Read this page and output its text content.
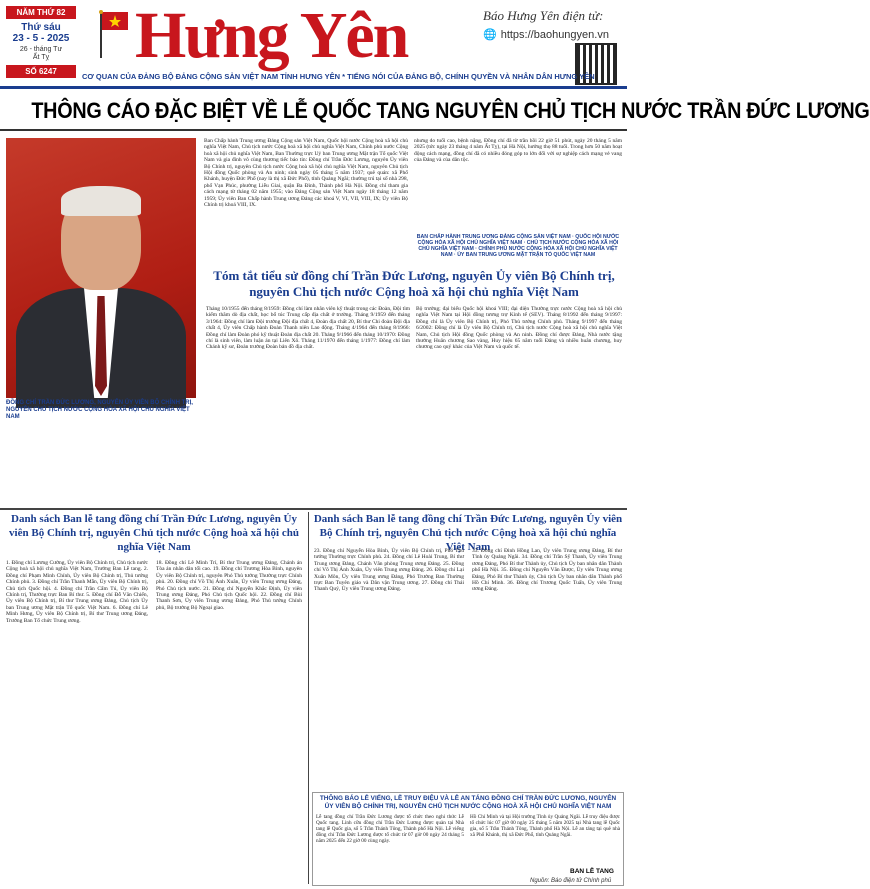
NĂM THỨ 82
Thứ sáu
23 - 5 - 2025
26 - tháng Tư
Ất Tỵ
SỐ 6247 Hưng Yên	Báo Hưng Yên điện tử:
🌐 https://baohungyen.vn
CƠ QUAN CỦA ĐẢNG BỘ ĐẢNG CỘNG SẢN VIỆT NAM TỈNH HƯNG YÊN * TIẾNG NÓI CỦA ĐẢNG BỘ, CHÍNH QUYỀN VÀ NHÂN DÂN HƯNG YÊN
THÔNG CÁO ĐẶC BIỆT VỀ LỄ QUỐC TANG NGUYÊN CHỦ TỊCH NƯỚC TRẦN ĐỨC LƯƠNG
ĐỒNG CHÍ TRẦN ĐỨC LƯƠNG, NGUYÊN ỦY VIÊN BỘ CHÍNH TRỊ, NGUYÊN CHỦ TỊCH NƯỚC CỘNG HÒA XÃ HỘI CHỦ NGHĨA VIỆT NAM
Ban Chấp hành Trung ương Đảng Cộng sản Việt Nam, Quốc hội nước Cộng hoà xã hội chủ nghĩa Việt Nam, Chủ tịch nước Cộng hoà xã hội chủ nghĩa Việt Nam, Chính phủ nước Cộng hoà xã hội chủ nghĩa Việt Nam, Ban Thường trực Uỷ ban Trung ương Mặt trận Tổ quốc Việt Nam và gia đình vô cùng thương tiếc báo tin: Đồng chí Trần Đức Lương, nguyên Ủy viên Bộ Chính trị, nguyên Chủ tịch nước Cộng hoà xã hội chủ nghĩa Việt Nam, nguyên Chủ tịch Hội đồng Quốc phòng và An ninh; sinh ngày 05 tháng 5 năm 1937; quê quán: xã Phổ Khánh, huyện Đức Phổ (nay là thị xã Đức Phổ), tỉnh Quảng Ngãi; thường trú tại số nhà 298, phố Vạn Phúc, phường Liễu Giai, quận Ba Đình, Thành phố Hà Nội. Đồng chí tham gia cách mạng từ tháng 02 năm 1955; vào Đảng Cộng sản Việt Nam ngày 18 tháng 12 năm 1959; Ủy viên Ban Chấp hành Trung ương Đảng các khoá V, VI, VII, VIII, IX; Ủy viên Bộ Chính trị khoá VIII, IX.
nhưng do tuổi cao, bệnh nặng, Đồng chí đã từ trần hồi 22 giờ 51 phút, ngày 20 tháng 5 năm 2025 (tức ngày 23 tháng 4 năm Ất Tỵ), tại Hà Nội, hưởng thọ 88 tuổi. Trong hơn 50 năm hoạt động cách mạng, đồng chí đã có nhiều đóng góp to lớn đối với sự nghiệp cách mạng vẻ vang của Đảng và của dân tộc.
BAN CHẤP HÀNH TRUNG ƯƠNG ĐẢNG CỘNG SẢN VIỆT NAM · QUỐC HỘI NƯỚC CỘNG HÒA XÃ HỘI CHỦ NGHĨA VIỆT NAM · CHỦ TỊCH NƯỚC CỘNG HÒA XÃ HỘI CHỦ NGHĨA VIỆT NAM · CHÍNH PHỦ NƯỚC CỘNG HÒA XÃ HỘI CHỦ NGHĨA VIỆT NAM · ỦY BAN TRUNG ƯƠNG MẶT TRẬN TỔ QUỐC VIỆT NAM
Tóm tắt tiểu sử đồng chí Trần Đức Lương, nguyên Ủy viên Bộ Chính trị, nguyên Chủ tịch nước Cộng hoà xã hội chủ nghĩa Việt Nam
Tháng 10/1955 đến tháng 8/1959: Đồng chí làm nhân viên kỹ thuật trong các Đoàn, Đội tìm kiếm thăm dò địa chất, học bổ túc Trung cấp địa chất ở trường. Tháng 9/1959 đến tháng 3/1964: Đồng chí làm Đội trưởng Đội địa chất 4, Đoàn địa chất 20, Bí thư Chi đoàn Đội địa chất 4, Ủy viên Chấp hành Đoàn Thanh niên Lao động. Tháng 4/1964 đến tháng 8/1966: Đồng chí làm Đoàn phó kỹ thuật Đoàn địa chất 20. Tháng 9/1966 đến tháng 10/1970: Đồng chí là sinh viên, làm luận án tại Liên Xô. Tháng 11/1970 đến tháng 1/1977: Đồng chí làm Chánh kỹ sư, Đoàn trưởng Đoàn bản đồ địa chất.
Bộ trưởng; đại biểu Quốc hội khoá VIII; đại diện Thường trực nước Cộng hoà xã hội chủ nghĩa Việt Nam tại Hội đồng tương trợ Kinh tế (SEV). Tháng 8/1992 đến tháng 9/1997: Đồng chí là Ủy viên Bộ Chính trị, Phó Thủ tướng Chính phủ. Tháng 9/1997 đến tháng 6/2002: Đồng chí là Ủy viên Bộ Chính trị, Chủ tịch nước Cộng hoà xã hội chủ nghĩa Việt Nam, Chủ tịch Hội đồng Quốc phòng và An ninh. Đồng chí được Đảng, Nhà nước tặng thưởng Huân chương Sao vàng, Huy hiệu 65 năm tuổi Đảng và nhiều huân chương, huy chương cao quý khác của Việt Nam và quốc tế.
Danh sách Ban lễ tang đồng chí Trần Đức Lương, nguyên Ủy viên Bộ Chính trị, nguyên Chủ tịch nước Cộng hoà xã hội chủ nghĩa Việt Nam
1. Đồng chí Lương Cường, Ủy viên Bộ Chính trị, Chủ tịch nước Cộng hoà xã hội chủ nghĩa Việt Nam, Trưởng Ban Lễ tang. 2. Đồng chí Phạm Minh Chính, Ủy viên Bộ Chính trị, Thủ tướng Chính phủ. 3. Đồng chí Trần Thanh Mẫn, Ủy viên Bộ Chính trị, Chủ tịch Quốc hội. 4. Đồng chí Trần Cẩm Tú, Ủy viên Bộ Chính trị, Thường trực Ban Bí thư. 5. Đồng chí Đỗ Văn Chiến, Ủy viên Bộ Chính trị, Bí thư Trung ương Đảng, Chủ tịch Ủy ban Trung ương Mặt trận Tổ quốc Việt Nam. 6. Đồng chí Lê Minh Hưng, Ủy viên Bộ Chính trị, Bí thư Trung ương Đảng, Trưởng Ban Tổ chức Trung ương.
18. Đồng chí Lê Minh Trí, Bí thư Trung ương Đảng, Chánh án Tòa án nhân dân tối cao. 19. Đồng chí Trương Hòa Bình, nguyên Ủy viên Bộ Chính trị, nguyên Phó Thủ tướng Thường trực Chính phủ. 20. Đồng chí Võ Thị Ánh Xuân, Ủy viên Trung ương Đảng, Phó Chủ tịch nước. 21. Đồng chí Nguyễn Khắc Định, Ủy viên Trung ương Đảng, Phó Chủ tịch Quốc hội. 22. Đồng chí Bùi Thanh Sơn, Ủy viên Trung ương Đảng, Phó Thủ tướng Chính phủ, Bộ trưởng Bộ Ngoại giao.
Danh sách Ban lễ tang đồng chí Trần Đức Lương, nguyên Ủy viên Bộ Chính trị, nguyên Chủ tịch nước Cộng hoà xã hội chủ nghĩa Việt Nam
23. Đồng chí Nguyễn Hòa Bình, Ủy viên Bộ Chính trị, Phó Thủ tướng Thường trực Chính phủ. 24. Đồng chí Lê Hoài Trung, Bí thư Trung ương Đảng, Chánh Văn phòng Trung ương Đảng. 25. Đồng chí Võ Thị Ánh Xuân, Ủy viên Trung ương Đảng. 26. Đồng chí Lại Xuân Môn, Ủy viên Trung ương Đảng, Phó Trưởng Ban Thường trực Ban Tuyên giáo và Dân vận Trung ương. 27. Đồng chí Thái Thanh Quý, Ủy viên Trung ương Đảng.
33. Đồng chí Đinh Hồng Lan, Ủy viên Trung ương Đảng, Bí thư Tỉnh ủy Quảng Ngãi. 34. Đồng chí Trần Sỹ Thanh, Ủy viên Trung ương Đảng, Phó Bí thư Thành ủy, Chủ tịch Ủy ban nhân dân Thành phố Hà Nội. 35. Đồng chí Nguyễn Văn Được, Ủy viên Trung ương Đảng, Phó Bí thư Thành ủy, Chủ tịch Ủy ban nhân dân Thành phố Hồ Chí Minh. 36. Đồng chí Trương Quốc Tuấn, Ủy viên Trung ương Đảng.
THÔNG BÁO LỄ VIẾNG, LỄ TRUY ĐIỆU VÀ LỄ AN TÁNG ĐỒNG CHÍ TRẦN ĐỨC LƯƠNG, NGUYÊN ỦY VIÊN BỘ CHÍNH TRỊ, NGUYÊN CHỦ TỊCH NƯỚC CỘNG HOÀ XÃ HỘI CHỦ NGHĨA VIỆT NAM
Lễ tang đồng chí Trần Đức Lương được tổ chức theo nghi thức Lễ Quốc tang. Linh cữu đồng chí Trần Đức Lương được quàn tại Nhà tang lễ Quốc gia, số 5 Trần Thánh Tông, Thành phố Hà Nội. Lễ viếng đồng chí Trần Đức Lương được tổ chức từ 07 giờ 00 ngày 24 tháng 5 năm 2025 đến 22 giờ 00 cùng ngày.
Hồ Chí Minh và tại Hội trường Tỉnh ủy Quảng Ngãi. Lễ truy điệu được tổ chức lúc 07 giờ 00 ngày 25 tháng 5 năm 2025 tại Nhà tang lễ Quốc gia, số 5 Trần Thánh Tông, Thành phố Hà Nội. Lễ an táng tại quê nhà xã Phổ Khánh, thị xã Đức Phổ, tỉnh Quảng Ngãi.
BAN LỄ TANG
Nguồn: Báo điện tử Chính phủ
